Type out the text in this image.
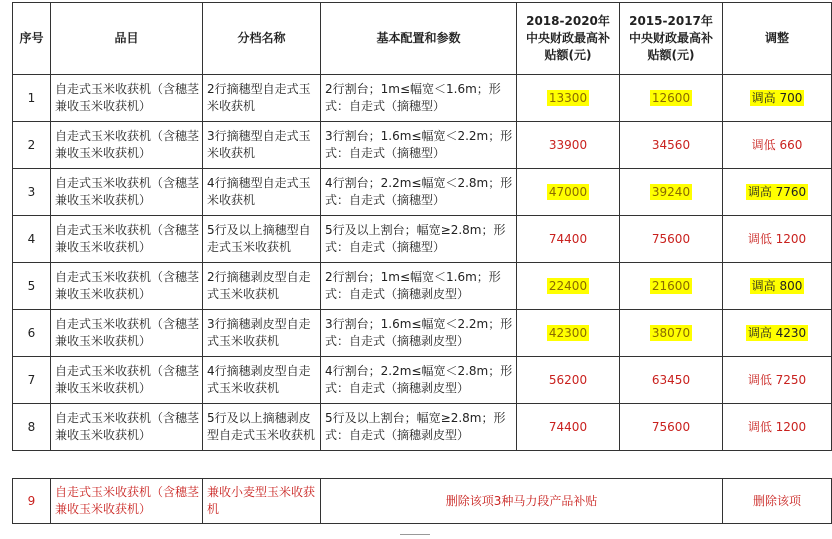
序号	品目	分档名称	基本配置和参数	2018-2020年中央财政最高补贴额(元)	2015-2017年中央财政最高补贴额(元)	调整
1	自走式玉米收获机（含穗茎兼收玉米收获机）	2行摘穗型自走式玉米收获机	2行割台；1m≤幅宽＜1.6m；形式：自走式（摘穗型）	13300	12600	调高 700
2	自走式玉米收获机（含穗茎兼收玉米收获机）	3行摘穗型自走式玉米收获机	3行割台；1.6m≤幅宽＜2.2m；形式：自走式（摘穗型）	33900	34560	调低 660
3	自走式玉米收获机（含穗茎兼收玉米收获机）	4行摘穗型自走式玉米收获机	4行割台；2.2m≤幅宽＜2.8m；形式：自走式（摘穗型）	47000	39240	调高 7760
4	自走式玉米收获机（含穗茎兼收玉米收获机）	5行及以上摘穗型自走式玉米收获机	5行及以上割台；幅宽≥2.8m；形式：自走式（摘穗型）	74400	75600	调低 1200
5	自走式玉米收获机（含穗茎兼收玉米收获机）	2行摘穗剥皮型自走式玉米收获机	2行割台；1m≤幅宽＜1.6m；形式：自走式（摘穗剥皮型）	22400	21600	调高 800
6	自走式玉米收获机（含穗茎兼收玉米收获机）	3行摘穗剥皮型自走式玉米收获机	3行割台；1.6m≤幅宽＜2.2m；形式：自走式（摘穗剥皮型）	42300	38070	调高 4230
7	自走式玉米收获机（含穗茎兼收玉米收获机）	4行摘穗剥皮型自走式玉米收获机	4行割台；2.2m≤幅宽＜2.8m；形式：自走式（摘穗剥皮型）	56200	63450	调低 7250
8	自走式玉米收获机（含穗茎兼收玉米收获机）	5行及以上摘穗剥皮型自走式玉米收获机	5行及以上割台；幅宽≥2.8m；形式：自走式（摘穗剥皮型）	74400	75600	调低 1200
9	自走式玉米收获机（含穗茎兼收玉米收获机）	兼收小麦型玉米收获机	删除该项3种马力段产品补贴	删除该项
